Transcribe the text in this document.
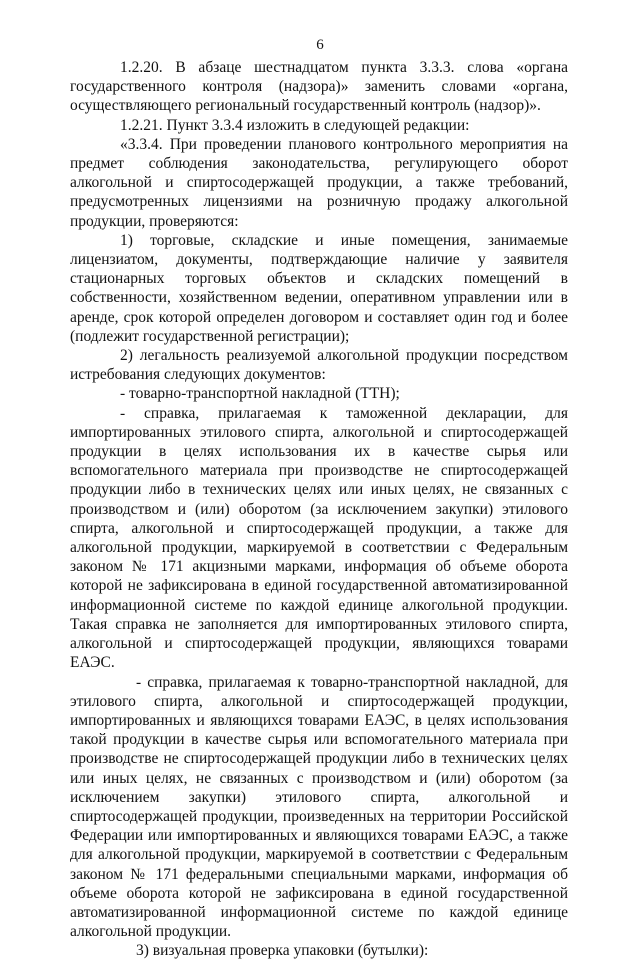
6

1.2.20. В абзаце шестнадцатом пункта 3.3.3. слова «органа государственного контроля (надзора)» заменить словами «органа, осуществляющего региональный государственный контроль (надзор)».

1.2.21. Пункт 3.3.4 изложить в следующей редакции:

«3.3.4. При проведении планового контрольного мероприятия на предмет соблюдения законодательства, регулирующего оборот алкогольной и спиртосодержащей продукции, а также требований, предусмотренных лицензиями на розничную продажу алкогольной продукции, проверяются:

1) торговые, складские и иные помещения, занимаемые лицензиатом, документы, подтверждающие наличие у заявителя стационарных торговых объектов и складских помещений в собственности, хозяйственном ведении, оперативном управлении или в аренде, срок которой определен договором и составляет один год и более (подлежит государственной регистрации);

2) легальность реализуемой алкогольной продукции посредством истребования следующих документов:

- товарно-транспортной накладной (ТТН);

- справка, прилагаемая к таможенной декларации, для импортированных этилового спирта, алкогольной и спиртосодержащей продукции в целях использования их в качестве сырья или вспомогательного материала при производстве не спиртосодержащей продукции либо в технических целях или иных целях, не связанных с производством и (или) оборотом (за исключением закупки) этилового спирта, алкогольной и спиртосодержащей продукции, а также для алкогольной продукции, маркируемой в соответствии с Федеральным законом № 171 акцизными марками, информация об объеме оборота которой не зафиксирована в единой государственной автоматизированной информационной системе по каждой единице алкогольной продукции. Такая справка не заполняется для импортированных этилового спирта, алкогольной и спиртосодержащей продукции, являющихся товарами ЕАЭС.

- справка, прилагаемая к товарно-транспортной накладной, для этилового спирта, алкогольной и спиртосодержащей продукции, импортированных и являющихся товарами ЕАЭС, в целях использования такой продукции в качестве сырья или вспомогательного материала при производстве не спиртосодержащей продукции либо в технических целях или иных целях, не связанных с производством и (или) оборотом (за исключением закупки) этилового спирта, алкогольной и спиртосодержащей продукции, произведенных на территории Российской Федерации или импортированных и являющихся товарами ЕАЭС, а также для алкогольной продукции, маркируемой в соответствии с Федеральным законом № 171 федеральными специальными марками, информация об объеме оборота которой не зафиксирована в единой государственной автоматизированной информационной системе по каждой единице алкогольной продукции.

3) визуальная проверка упаковки (бутылки):
